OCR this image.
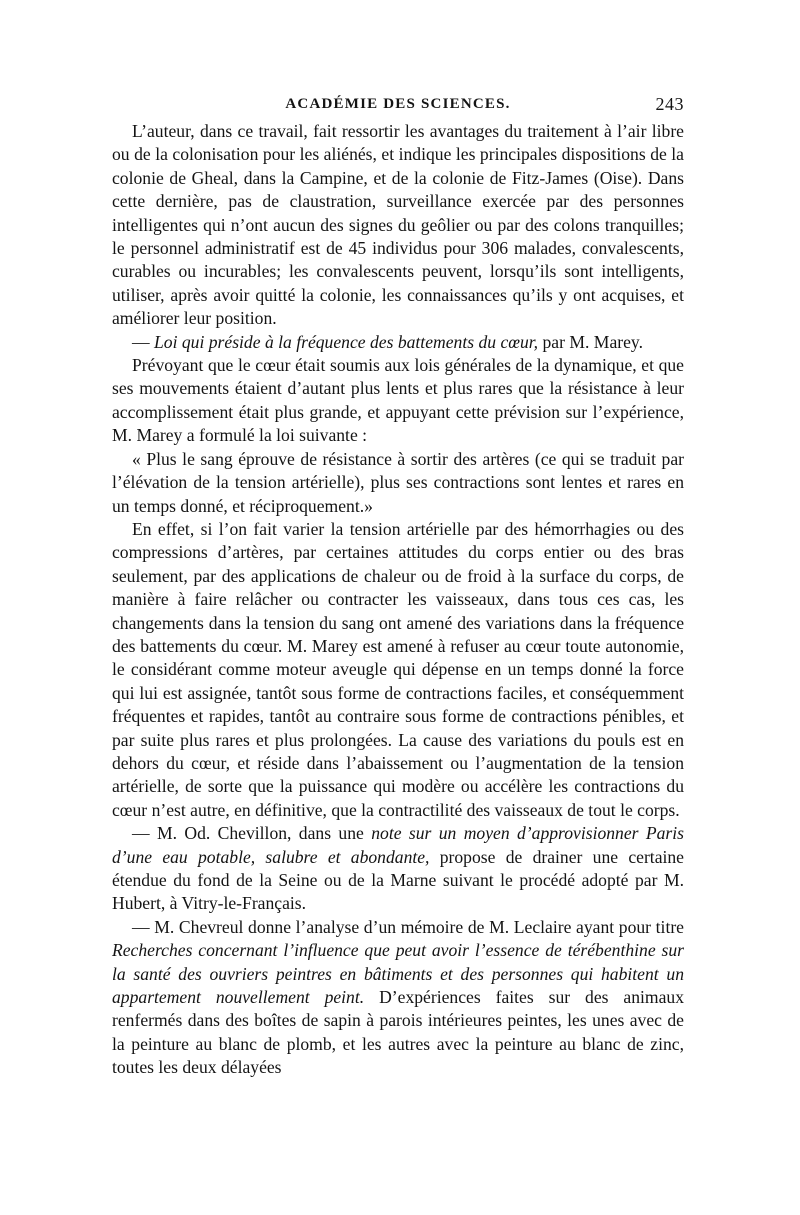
ACADÉMIE DES SCIENCES.	243

L’auteur, dans ce travail, fait ressortir les avantages du traitement à l’air libre ou de la colonisation pour les aliénés, et indique les principales dispositions de la colonie de Gheal, dans la Campine, et de la colonie de Fitz-James (Oise). Dans cette dernière, pas de claustration, surveillance exercée par des personnes intelligentes qui n’ont aucun des signes du geôlier ou par des colons tranquilles; le personnel administratif est de 45 individus pour 306 malades, convalescents, curables ou incurables; les convalescents peuvent, lorsqu’ils sont intelligents, utiliser, après avoir quitté la colonie, les connaissances qu’ils y ont acquises, et améliorer leur position.

— Loi qui préside à la fréquence des battements du cœur, par M. Marey.

Prévoyant que le cœur était soumis aux lois générales de la dynamique, et que ses mouvements étaient d’autant plus lents et plus rares que la résistance à leur accomplissement était plus grande, et appuyant cette prévision sur l’expérience, M. Marey a formulé la loi suivante :

« Plus le sang éprouve de résistance à sortir des artères (ce qui se traduit par l’élévation de la tension artérielle), plus ses contractions sont lentes et rares en un temps donné, et réciproquement.»

En effet, si l’on fait varier la tension artérielle par des hémorrhagies ou des compressions d’artères, par certaines attitudes du corps entier ou des bras seulement, par des applications de chaleur ou de froid à la surface du corps, de manière à faire relâcher ou contracter les vaisseaux, dans tous ces cas, les changements dans la tension du sang ont amené des variations dans la fréquence des battements du cœur. M. Marey est amené à refuser au cœur toute autonomie, le considérant comme moteur aveugle qui dépense en un temps donné la force qui lui est assignée, tantôt sous forme de contractions faciles, et conséquemment fréquentes et rapides, tantôt au contraire sous forme de contractions pénibles, et par suite plus rares et plus prolongées. La cause des variations du pouls est en dehors du cœur, et réside dans l’abaissement ou l’augmentation de la tension artérielle, de sorte que la puissance qui modère ou accélère les contractions du cœur n’est autre, en définitive, que la contractilité des vaisseaux de tout le corps.

— M. Od. Chevillon, dans une note sur un moyen d’approvisionner Paris d’une eau potable, salubre et abondante, propose de drainer une certaine étendue du fond de la Seine ou de la Marne suivant le procédé adopté par M. Hubert, à Vitry-le-Français.

— M. Chevreul donne l’analyse d’un mémoire de M. Leclaire ayant pour titre Recherches concernant l’influence que peut avoir l’essence de térébenthine sur la santé des ouvriers peintres en bâtiments et des personnes qui habitent un appartement nouvellement peint. D’expériences faites sur des animaux renfermés dans des boîtes de sapin à parois intérieures peintes, les unes avec de la peinture au blanc de plomb, et les autres avec la peinture au blanc de zinc, toutes les deux délayées
